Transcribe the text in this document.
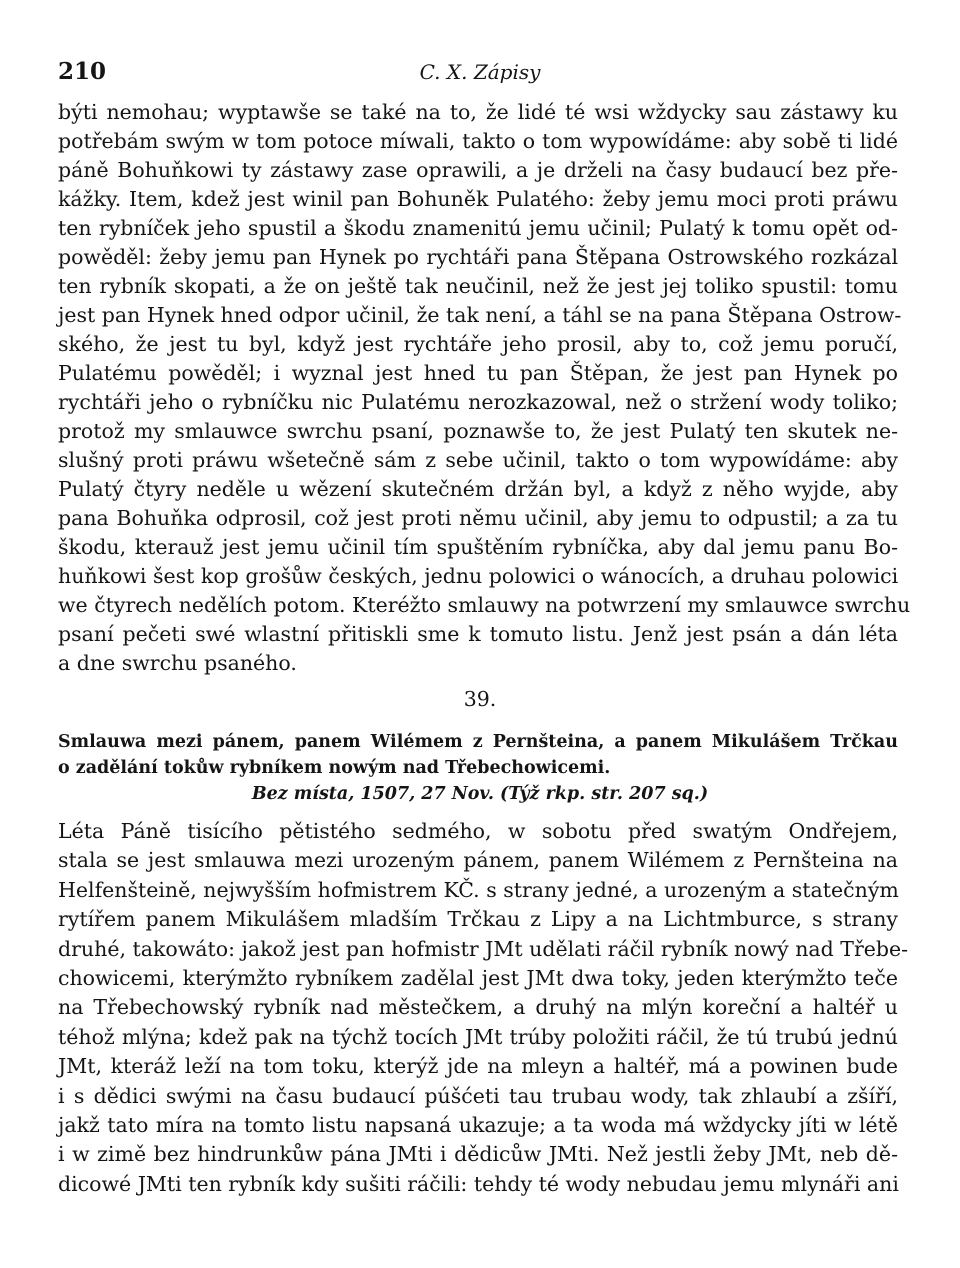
210	C. X. Zápisy
býti nemohau; wyptawše se také na to, že lidé té wsi wždycky sau zástawy ku
potřebám swým w tom potoce míwali, takto o tom wypowídáme: aby sobě ti lidé
páně Bohuňkowi ty zástawy zase oprawili, a je drželi na časy budaucí bez pře-
kážky. Item, kdež jest winil pan Bohuněk Pulatého: žeby jemu moci proti práwu
ten rybníček jeho spustil a škodu znamenitú jemu učinil; Pulatý k tomu opět od-
powěděl: žeby jemu pan Hynek po rychtáři pana Štěpana Ostrowského rozkázal
ten rybník skopati, a že on ještě tak neučinil, než že jest jej toliko spustil: tomu
jest pan Hynek hned odpor učinil, že tak není, a táhl se na pana Štěpana Ostrow-
ského, že jest tu byl, když jest rychtáře jeho prosil, aby to, což jemu poručí,
Pulatému powěděl; i wyznal jest hned tu pan Štěpan, že jest pan Hynek po
rychtáři jeho o rybníčku nic Pulatému nerozkazowal, než o stržení wody toliko;
protož my smlauwce swrchu psaní, poznawše to, že jest Pulatý ten skutek ne-
slušný proti práwu wšetečně sám z sebe učinil, takto o tom wypowídáme: aby
Pulatý čtyry neděle u wězení skutečném držán byl, a když z něho wyjde, aby
pana Bohuňka odprosil, což jest proti němu učinil, aby jemu to odpustil; a za tu
škodu, kterauž jest jemu učinil tím spuštěním rybníčka, aby dal jemu panu Bo-
huňkowi šest kop grošůw českých, jednu polowici o wánocích, a druhau polowici
we čtyrech nedělích potom. Kteréžto smlauwy na potwrzení my smlauwce swrchu
psaní pečeti swé wlastní přitiskli sme k tomuto listu. Jenž jest psán a dán léta
a dne swrchu psaného.
39.
Smlauwa mezi pánem, panem Wilémem z Pernšteina, a panem Mikulášem Trčkau
o zadělání tokůw rybníkem nowým nad Třebechowicemi.
Bez místa, 1507, 27 Nov. (Týž rkp. str. 207 sq.)
Léta Páně tisícího pětistého sedmého, w sobotu před swatým Ondřejem,
stala se jest smlauwa mezi urozeným pánem, panem Wilémem z Pernšteina na
Helfenšteině, nejwyšším hofmistrem KČ. s strany jedné, a urozeným a statečným
rytířem panem Mikulášem mladším Trčkau z Lipy a na Lichtmburce, s strany
druhé, takowáto: jakož jest pan hofmistr JMt udělati ráčil rybník nowý nad Třebe-
chowicemi, kterýmžto rybníkem zadělal jest JMt dwa toky, jeden kterýmžto teče
na Třebechowský rybník nad městečkem, a druhý na mlýn koreční a haltéř u
téhož mlýna; kdež pak na týchž tocích JMt trúby položiti ráčil, že tú trubú jednú
JMt, kteráž leží na tom toku, kterýž jde na mleyn a haltéř, má a powinen bude
i s dědici swými na času budaucí púšćeti tau trubau wody, tak zhlaubí a zšíří,
jakž tato míra na tomto listu napsaná ukazuje; a ta woda má wždycky jíti w létě
i w zimě bez hindrunkůw pána JMti i dědicůw JMti. Než jestli žeby JMt, neb dě-
dicowé JMti ten rybník kdy sušiti ráčili: tehdy té wody nebudau jemu mlynáři ani
